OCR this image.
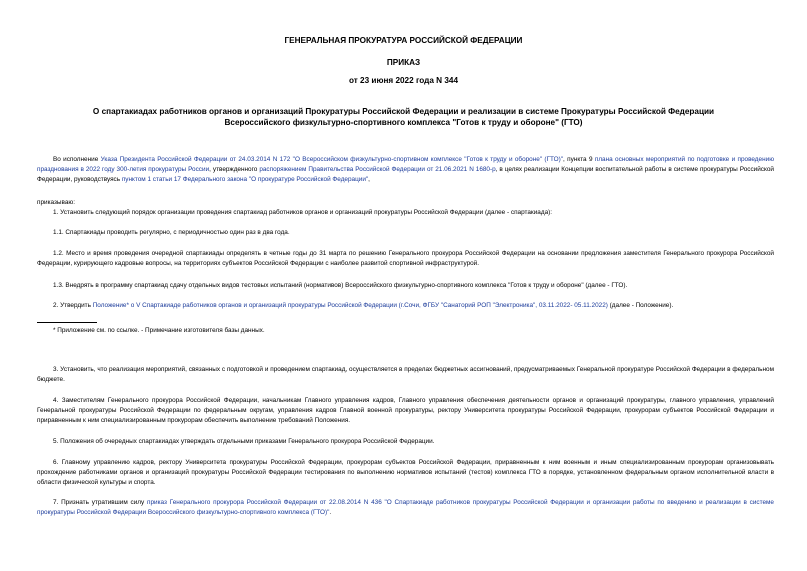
ГЕНЕРАЛЬНАЯ ПРОКУРАТУРА РОССИЙСКОЙ ФЕДЕРАЦИИ
ПРИКАЗ
от 23 июня 2022 года N 344
О спартакиадах работников органов и организаций Прокуратуры Российской Федерации и реализации в системе Прокуратуры Российской Федерации
Всероссийского физкультурно-спортивного комплекса "Готов к труду и обороне" (ГТО)
Во исполнение Указа Президента Российской Федерации от 24.03.2014 N 172 "О Всероссийском физкультурно-спортивном комплексе "Готов к труду и обороне" (ГТО)", пункта 9 плана основных мероприятий по подготовке и проведению празднования в 2022 году 300-летия прокуратуры России, утвержденного распоряжением Правительства Российской Федерации от 21.06.2021 N 1680-р, в целях реализации Концепции воспитательной работы в системе прокуратуры Российской Федерации, руководствуясь пунктом 1 статьи 17 Федерального закона "О прокуратуре Российской Федерации",
приказываю:
1. Установить следующий порядок организации проведения спартакиад работников органов и организаций прокуратуры Российской Федерации (далее - спартакиада):
1.1. Спартакиады проводить регулярно, с периодичностью один раз в два года.
1.2. Место и время проведения очередной спартакиады определять в четные годы до 31 марта по решению Генерального прокурора Российской Федерации на основании предложения заместителя Генерального прокурора Российской Федерации, курирующего кадровые вопросы, на территориях субъектов Российской Федерации с наиболее развитой спортивной инфраструктурой.
1.3. Внедрять в программу спартакиад сдачу отдельных видов тестовых испытаний (нормативов) Всероссийского физкультурно-спортивного комплекса "Готов к труду и обороне" (далее - ГТО).
2. Утвердить Положение* о V Спартакиаде работников органов и организаций прокуратуры Российской Федерации (г.Сочи, ФГБУ "Санаторий РОП "Электроника", 03.11.2022- 05.11.2022) (далее - Положение).
* Приложение см. по ссылке. - Примечание изготовителя базы данных.
3. Установить, что реализация мероприятий, связанных с подготовкой и проведением спартакиад, осуществляется в пределах бюджетных ассигнований, предусматриваемых Генеральной прокуратуре Российской Федерации в федеральном бюджете.
4. Заместителям Генерального прокурора Российской Федерации, начальникам Главного управления кадров, Главного управления обеспечения деятельности органов и организаций прокуратуры, главного управления, управлений Генеральной прокуратуры Российской Федерации по федеральным округам, управления кадров Главной военной прокуратуры, ректору Университета прокуратуры Российской Федерации, прокурорам субъектов Российской Федерации и приравненным к ним специализированным прокурорам обеспечить выполнение требований Положения.
5. Положения об очередных спартакиадах утверждать отдельными приказами Генерального прокурора Российской Федерации.
6. Главному управлению кадров, ректору Университета прокуратуры Российской Федерации, прокурорам субъектов Российской Федерации, приравненным к ним военным и иным специализированным прокурорам организовывать прохождение работниками органов и организаций прокуратуры Российской Федерации тестирования по выполнению нормативов испытаний (тестов) комплекса ГТО в порядке, установленном федеральным органом исполнительной власти в области физической культуры и спорта.
7. Признать утратившим силу приказ Генерального прокурора Российской Федерации от 22.08.2014 N 436 "О Спартакиаде работников прокуратуры Российской Федерации и организации работы по введению и реализации в системе прокуратуры Российской Федерации Всероссийского физкультурно-спортивного комплекса (ГТО)".
